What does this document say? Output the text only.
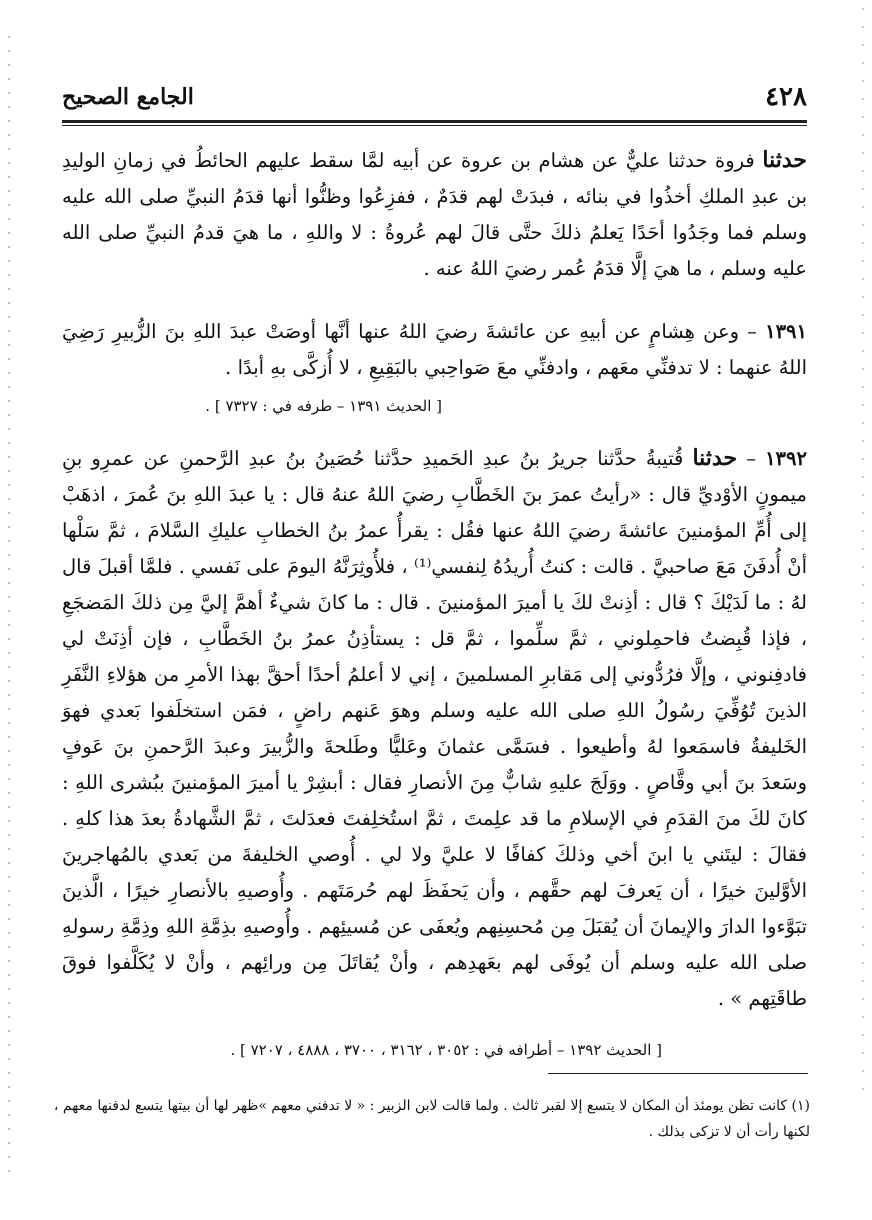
٤٢٨
الجامع الصحيح

حدثنا فروة حدثنا عليٌّ عن هشام بن عروة عن أبيه لمَّا سقط عليهم الحائطُ في زمانِ الوليدِ بن عبدِ الملكِ أخذُوا في بنائه ، فبدَتْ لهم قدَمٌ ، ففزِعُوا وظنُّوا أنها قدَمُ النبيِّ صلى الله عليه وسلم فما وجَدُوا أحَدًا يَعلمُ ذلكَ حتَّى قالَ لهم عُروةُ : لا واللهِ ، ما هيَ قدمُ النبيِّ صلى الله عليه وسلم ، ما هيَ إلَّا قدَمُ عُمر رضيَ اللهُ عنه .

١٣٩١ – وعن هِشامٍ عن أبيهِ عن عائشةَ رضيَ اللهُ عنها أنَّها أوصَتْ عبدَ اللهِ بنَ الزُّبيرِ رَضِيَ اللهُ عنهما : لا تدفنِّي معَهم ، وادفنِّي معَ صَواحِبي بالبَقِيعِ ، لا أُزكَّى بهِ أبدًا .

[ الحديث ١٣٩١ – طرفه في : ٧٣٢٧ ] .

١٣٩٢ – حدثنا قُتيبةُ حدَّثنا جريرُ بنُ عبدِ الحَميدِ حدَّثنا حُصَينُ بنُ عبدِ الرَّحمنِ عن عمرِو بنِ ميمونٍ الأوْديِّ قال : «رأيتُ عمرَ بنَ الخَطَّابِ رضيَ اللهُ عنهُ قال : يا عبدَ اللهِ بنَ عُمرَ ، اذهَبْ إلى أُمِّ المؤمنينَ عائشةَ رضيَ اللهُ عنها فقُل : يقرأُ عمرُ بنُ الخطابِ عليكِ السَّلامَ ، ثمَّ سَلْها أنْ أُدفَنَ مَعَ صاحبيَّ . قالت : كنتُ أُريدُهُ لِنفسي⁽¹⁾ ، فلأُوثِرَنَّهُ اليومَ على نَفسي . فلمَّا أقبلَ قال لهُ : ما لَدَيْكَ ؟ قال : أذِنتْ لكَ يا أميرَ المؤمنينَ . قال : ما كانَ شيءٌ أهمَّ إليَّ مِن ذلكَ المَضجَعِ ، فإذا قُبِضتُ فاحمِلوني ، ثمَّ سلِّموا ، ثمَّ قل : يستأذِنُ عمرُ بنُ الخَطَّابِ ، فإن أذِنَتْ لي فادفِنوني ، وإلَّا فرُدُّوني إلى مَقابرِ المسلمينَ ، إني لا أعلمُ أحدًا أحقَّ بهذا الأمرِ من هؤلاءِ النَّفَرِ الذينَ تُوُفِّيَ رسُولُ اللهِ صلى الله عليه وسلم وهوَ عَنهم راضٍ ، فمَن استخلَفوا بَعدي فهوَ الخَليفةُ فاسمَعوا لهُ وأطيعوا . فسَمَّى عثمانَ وعَليًّا وطَلحةَ والزُّبيرَ وعبدَ الرَّحمنِ بنَ عَوفٍ وسَعدَ بنَ أبي وقَّاصٍ . ووَلَجَ عليهِ شابٌّ مِنَ الأنصارِ فقال : أبشِرْ يا أميرَ المؤمنينَ ببُشرى اللهِ : كانَ لكَ منَ القدَمِ في الإسلامِ ما قد علِمتَ ، ثمَّ استُخلِفتَ فعدَلتَ ، ثمَّ الشَّهادةُ بعدَ هذا كلهِ . فقالَ : ليتَني يا ابنَ أخي وذلكَ كفافًا لا عليَّ ولا لي . أُوصي الخليفةَ من بَعدي بالمُهاجرينَ الأوَّلينَ خيرًا ، أن يَعرفَ لهم حقَّهم ، وأن يَحفَظَ لهم حُرمَتَهم . وأُوصيهِ بالأنصارِ خيرًا ، الَّذينَ تبَوَّءوا الدارَ والإيمانَ أن يُقبَلَ مِن مُحسِنِهم ويُعفَى عن مُسيئِهم . وأُوصيهِ بذِمَّةِ اللهِ وذِمَّةِ رسولهِ صلى الله عليه وسلم أن يُوفَى لهم بعَهدِهم ، وأنْ يُقاتَلَ مِن ورائِهم ، وأنْ لا يُكَلَّفوا فوقَ طاقَتِهم » .

[ الحديث ١٣٩٢ – أطرافه في : ٣٠٥٢ ، ٣١٦٢ ، ٣٧٠٠ ، ٤٨٨٨ ، ٧٢٠٧ ] .

(١) كانت تظن يومئذ أن المكان لا يتسع إلا لقبر ثالث . ولما قالت لابن الزبير : « لا تدفني معهم »ظهر لها أن بيتها يتسع لدفنها معهم ، لكنها رأت أن لا تزكى بذلك .
